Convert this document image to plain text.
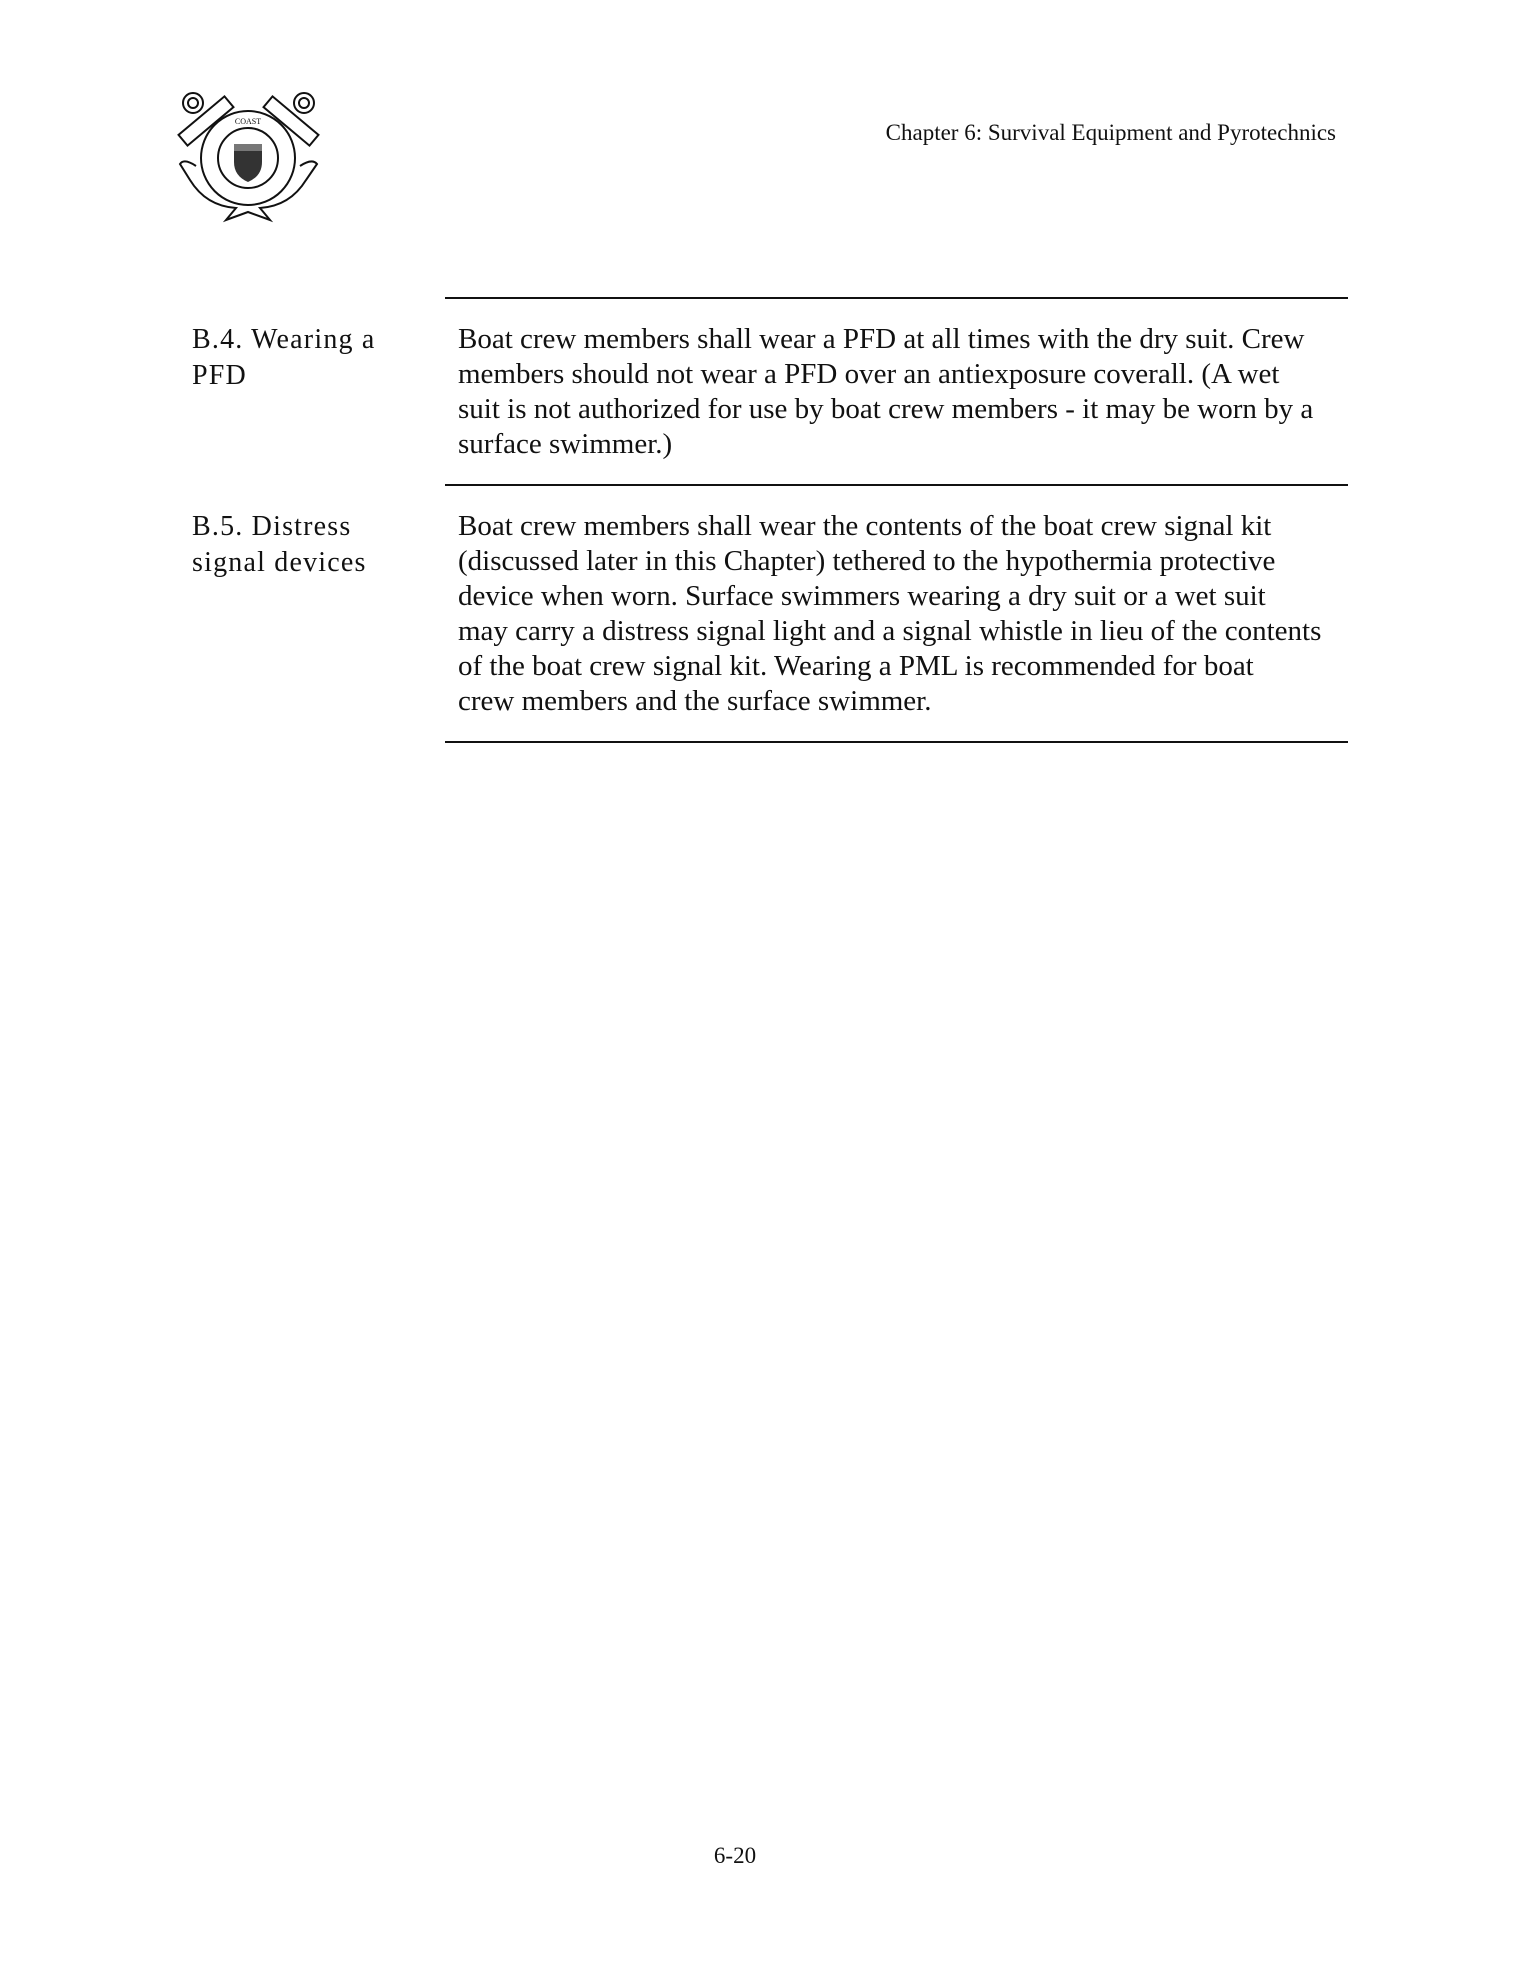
COAST	Chapter 6: Survival Equipment and Pyrotechnics
B.4. Wearing a
PFD
Boat crew members shall wear a PFD at all times with the dry suit. Crew
members should not wear a PFD over an antiexposure coverall. (A wet
suit is not authorized for use by boat crew members - it may be worn by a
surface swimmer.)
B.5. Distress
signal devices
Boat crew members shall wear the contents of the boat crew signal kit
(discussed later in this Chapter) tethered to the hypothermia protective
device when worn. Surface swimmers wearing a dry suit or a wet suit
may carry a distress signal light and a signal whistle in lieu of the contents
of the boat crew signal kit. Wearing a PML is recommended for boat
crew members and the surface swimmer.
6-20
